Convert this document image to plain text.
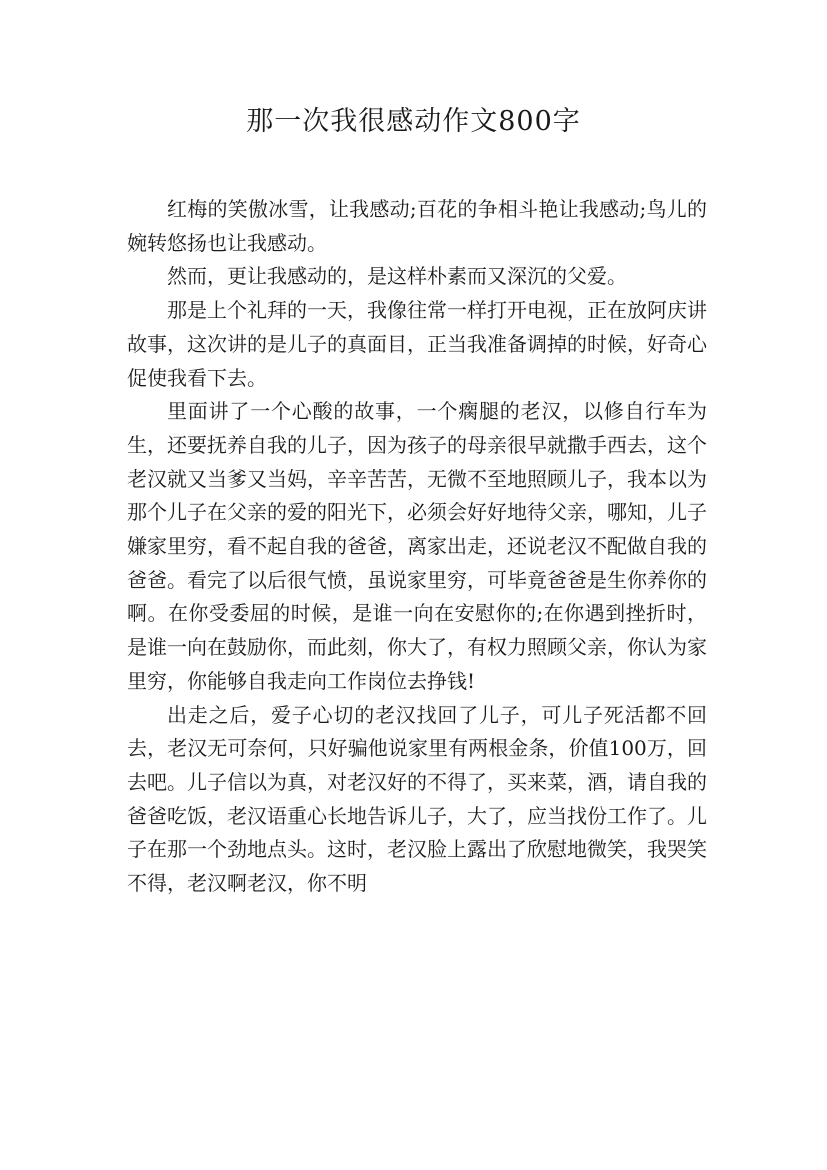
那一次我很感动作文800字

红梅的笑傲冰雪，让我感动;百花的争相斗艳让我感动;鸟儿的婉转悠扬也让我感动。

然而，更让我感动的，是这样朴素而又深沉的父爱。

那是上个礼拜的一天，我像往常一样打开电视，正在放阿庆讲故事，这次讲的是儿子的真面目，正当我准备调掉的时候，好奇心促使我看下去。

里面讲了一个心酸的故事，一个瘸腿的老汉，以修自行车为生，还要抚养自我的儿子，因为孩子的母亲很早就撒手西去，这个老汉就又当爹又当妈，辛辛苦苦，无微不至地照顾儿子，我本以为那个儿子在父亲的爱的阳光下，必须会好好地待父亲，哪知，儿子嫌家里穷，看不起自我的爸爸，离家出走，还说老汉不配做自我的爸爸。看完了以后很气愤，虽说家里穷，可毕竟爸爸是生你养你的啊。在你受委屈的时候，是谁一向在安慰你的;在你遇到挫折时，是谁一向在鼓励你，而此刻，你大了，有权力照顾父亲，你认为家里穷，你能够自我走向工作岗位去挣钱!

出走之后，爱子心切的老汉找回了儿子，可儿子死活都不回去，老汉无可奈何，只好骗他说家里有两根金条，价值100万，回去吧。儿子信以为真，对老汉好的不得了，买来菜，酒，请自我的爸爸吃饭，老汉语重心长地告诉儿子，大了，应当找份工作了。儿子在那一个劲地点头。这时，老汉脸上露出了欣慰地微笑，我哭笑不得，老汉啊老汉，你不明
